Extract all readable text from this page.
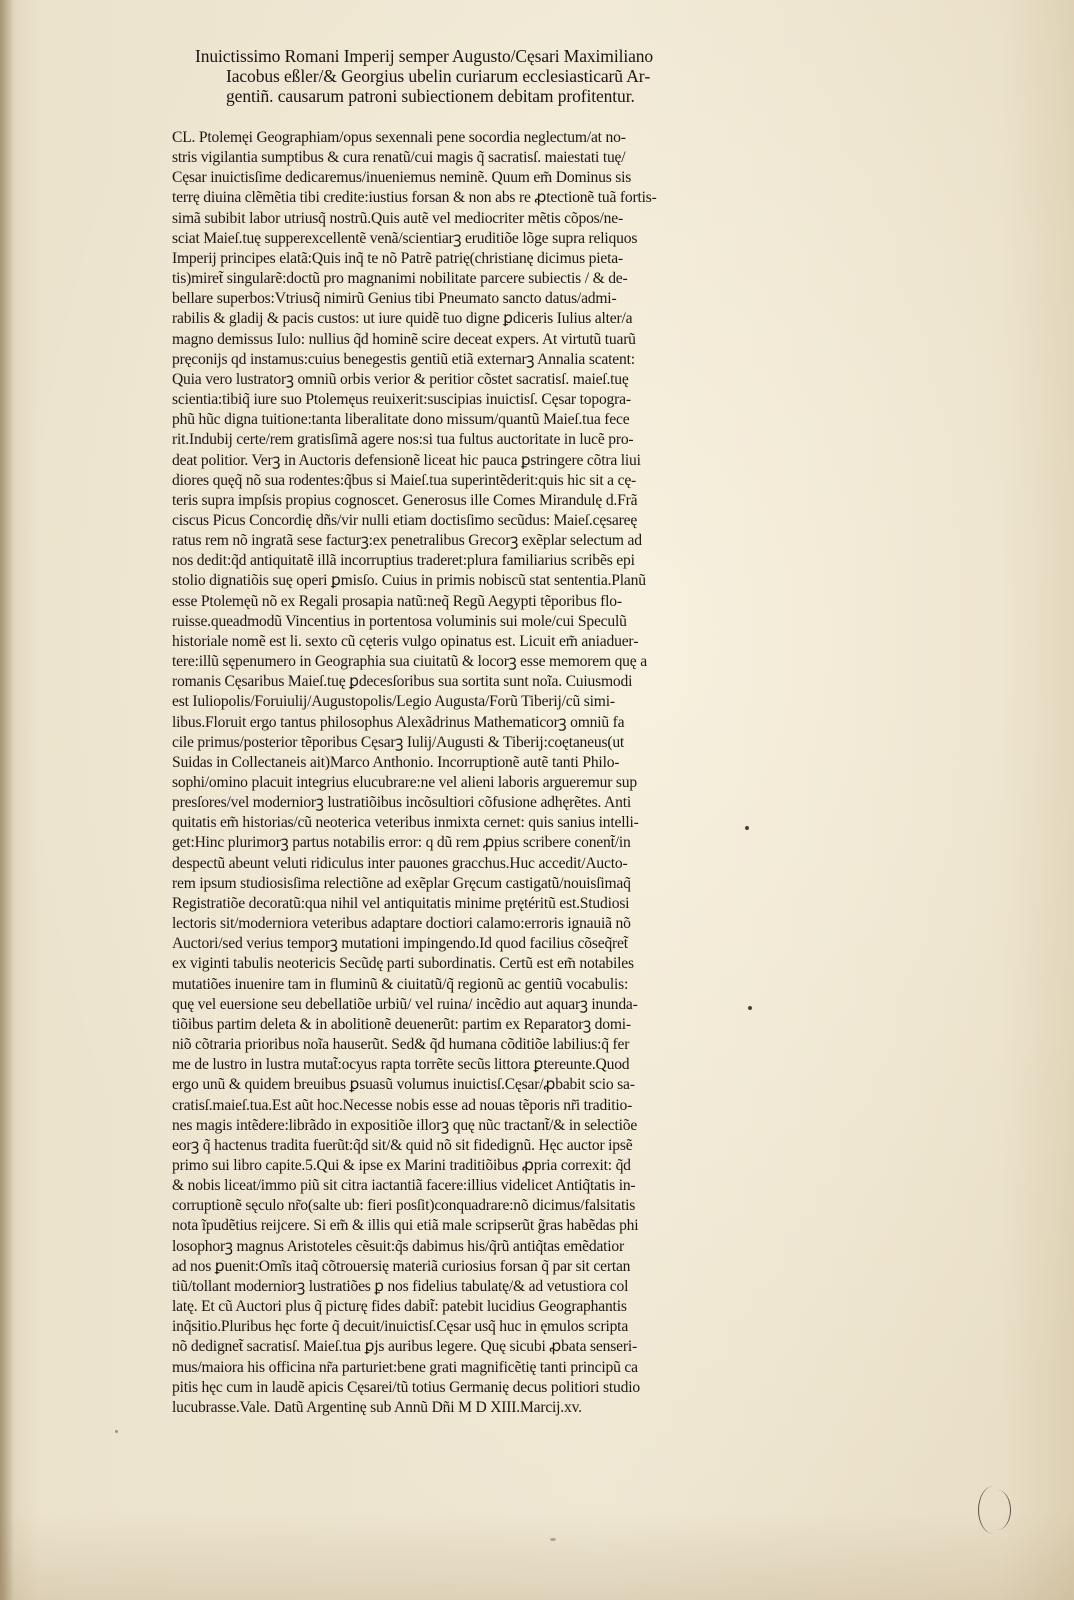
Inuictissimo Romani Imperij semper Augusto/Cęsari Maximiliano
Iacobus eßler/& Georgius ubelin curiarum ecclesiasticarũ Ar‑
gentiñ. causarum patroni subiectionem debitam profitentur.
CL. Ptolemęi Geographiam/opus sexennali pene socordia neglectum/at no‑
stris vigilantia sumptibus & cura renatũ/cui magis q̃ sacratisſ. maiestati tuę/
Cęsar inuictisſime dedicaremus/inueniemus neminẽ. Quum em̃ Dominus sis
terrę diuina clẽmẽtia tibi credite:iustius forsan & non abs re ꝓtectionẽ tuã fortis‑
simã subibit labor utriusq̃ nostrũ.Quis autẽ vel mediocriter mẽtis cõpos/ne‑
sciat Maieſ.tuę supperexcellentẽ venã/scientiarꝫ eruditiõe lõge supra reliquos
Imperij principes elatã:Quis inq̃ te nõ Patrẽ patrię(christianę dicimus pieta‑
tis)miret̃ singularẽ:doctũ pro magnanimi nobilitate parcere subiectis / & de‑
bellare superbos:Vtriusq̃ nimirũ Genius tibi Pneumato sancto datus/admi‑
rabilis & gladij & pacis custos: ut iure quidẽ tuo digne ꝑdiceris Iulius alter/a
magno demissus Iulo: nullius q̃d hominẽ scire deceat expers. At virtutũ tuarũ
pręconijs qd instamus:cuius benegestis gentiũ etiã externarꝫ Annalia scatent:
Quia vero lustratorꝫ omniũ orbis verior & peritior cõstet sacratisſ. maieſ.tuę
scientia:tibiq̃ iure suo Ptolemęus reuixerit:suscipias inuictisſ. Cęsar topogra‑
phũ hũc digna tuitione:tanta liberalitate dono missum/quantũ Maieſ.tua fece
rit.Indubij certe/rem gratisſimã agere nos:si tua fultus auctoritate in lucẽ pro‑
deat politior. Verꝫ in Auctoris defensionẽ liceat hic pauca ꝑstringere cõtra liui
diores quęq̃ nõ sua rodentes:q̃bus si Maieſ.tua superintẽderit:quis hic sit a cę‑
teris supra impſsis propius cognoscet. Generosus ille Comes Mirandulę d.Frã
ciscus Picus Concordię dñs/vir nulli etiam doctisſimo secũdus: Maieſ.cęsareę
ratus rem nõ ingratã sese facturꝫ:ex penetralibus Grecorꝫ exẽplar selectum ad
nos dedit:q̃d antiquitatẽ illã incorruptius traderet:plura familiarius scribẽs epi
stolio dignatiõis suę operi ꝑmisſo. Cuius in primis nobiscũ stat sententia.Planũ
esse Ptolemęũ nõ ex Regali prosapia natũ:neq̃ Regũ Aegypti tẽporibus flo‑
ruisse.queadmodũ Vincentius in portentosa voluminis sui mole/cui Speculũ
historiale nomẽ est li. sexto cũ cęteris vulgo opinatus est. Licuit em̃ aniaduer‑
tere:illũ sępenumero in Geographia sua ciuitatũ & locorꝫ esse memorem quę a
romanis Cęsaribus Maieſ.tuę ꝑdecesſoribus sua sortita sunt noĩa. Cuiusmodi
est Iuliopolis/Foruiulij/Augustopolis/Legio Augusta/Forũ Tiberij/cũ simi‑
libus.Floruit ergo tantus philosophus Alexãdrinus Mathematicorꝫ omniũ fa
cile primus/posterior tẽporibus Cęsarꝫ Iulij/Augusti & Tiberij:coętaneus(ut
Suidas in Collectaneis ait)Marco Anthonio. Incorruptionẽ autẽ tanti Philo‑
sophi/omino placuit integrius elucubrare:ne vel alieni laboris argueremur sup
presſores/vel moderniorꝫ lustratiõibus incõsultiori cõfusione adhęrẽtes. Anti
quitatis em̃ historias/cũ neoterica veteribus inmixta cernet: quis sanius intelli‑
get:Hinc plurimorꝫ partus notabilis error: q dũ rem ꝓpius scribere conent̃/in
despectũ abeunt veluti ridiculus inter pauones gracchus.Huc accedit/Aucto‑
rem ipsum studiosisſima relectiõne ad exẽplar Gręcum castigatũ/nouisſimaq̃
Registratiõe decoratũ:qua nihil vel antiquitatis minime prętéritũ est.Studiosi
lectoris sit/moderniora veteribus adaptare doctiori calamo:erroris ignauiã nõ
Auctori/sed verius temporꝫ mutationi impingendo.Id quod facilius cõseq̃ret̃
ex viginti tabulis neotericis Secũdę parti subordinatis. Certũ est em̃ notabiles
mutatiões inuenire tam in fluminũ & ciuitatũ/q̃ regionũ ac gentiũ vocabulis:
quę vel euersione seu debellatiõe urbiũ/ vel ruina/ incẽdio aut aquarꝫ inunda‑
tiõibus partim deleta & in abolitionẽ deuenerũt: partim ex Reparatorꝫ domi‑
niõ cõtraria prioribus noĩa hauserũt. Sed& q̃d humana cõditiõe labilius:q̃ fer
me de lustro in lustra mutat̃:ocyus rapta torrẽte secũs littora ꝑtereunte.Quod
ergo unũ & quidem breuibus ꝑsuasũ volumus inuictisſ.Cęsar/ꝓbabit scio sa‑
cratisſ.maieſ.tua.Est aũt hoc.Necesse nobis esse ad nouas tẽporis nr̃i traditio‑
nes magis intẽdere:librãdo in expositiõe illorꝫ quę nũc tractant̃/& in selectiõe
eorꝫ q̃ hactenus tradita fuerũt:q̃d sit/& quid nõ sit fidedignũ. Hęc auctor ipsẽ
primo sui libro capite.5.Qui & ipse ex Marini traditiõibus ꝓpria correxit: q̃d
& nobis liceat/immo piũ sit citra iactantiã facere:illius videlicet Antiq̃tatis in‑
corruptionẽ sęculo nr̃o(salte ub: fieri posſit)conquadrare:nõ dicimus/falsitatis
nota ĩpudẽtius reijcere. Si em̃ & illis qui etiã male scripserũt g̃ras habẽdas phi
losophorꝫ magnus Aristoteles cẽsuit:q̃s dabimus his/q̃rũ antiq̃tas emẽdatior
ad nos ꝑuenit:Omĩs itaq̃ cõtrouersię materiã curiosius forsan q̃ par sit certan
tiũ/tollant moderniorꝫ lustratiões ꝑ nos fidelius tabulatę/& ad vetustiora col
latę. Et cũ Auctori plus q̃ picturę fides dabit̃: patebit lucidius Geographantis
inq̃sitio.Pluribus hęc forte q̃ decuit/inuictisſ.Cęsar usq̃ huc in ęmulos scripta
nõ dedignet̃ sacratisſ. Maieſ.tua ꝑjs auribus legere. Quę sicubi ꝓbata senseri‑
mus/maiora his officina nr̃a parturiet:bene grati magnificẽtię tanti principũ ca
pitis hęc cum in laudẽ apicis Cęsarei/tũ totius Germanię decus politiori studio
lucubrasse.Vale. Datũ Argentinę sub Annũ Dñi M D XIII.Marcij.xv.
